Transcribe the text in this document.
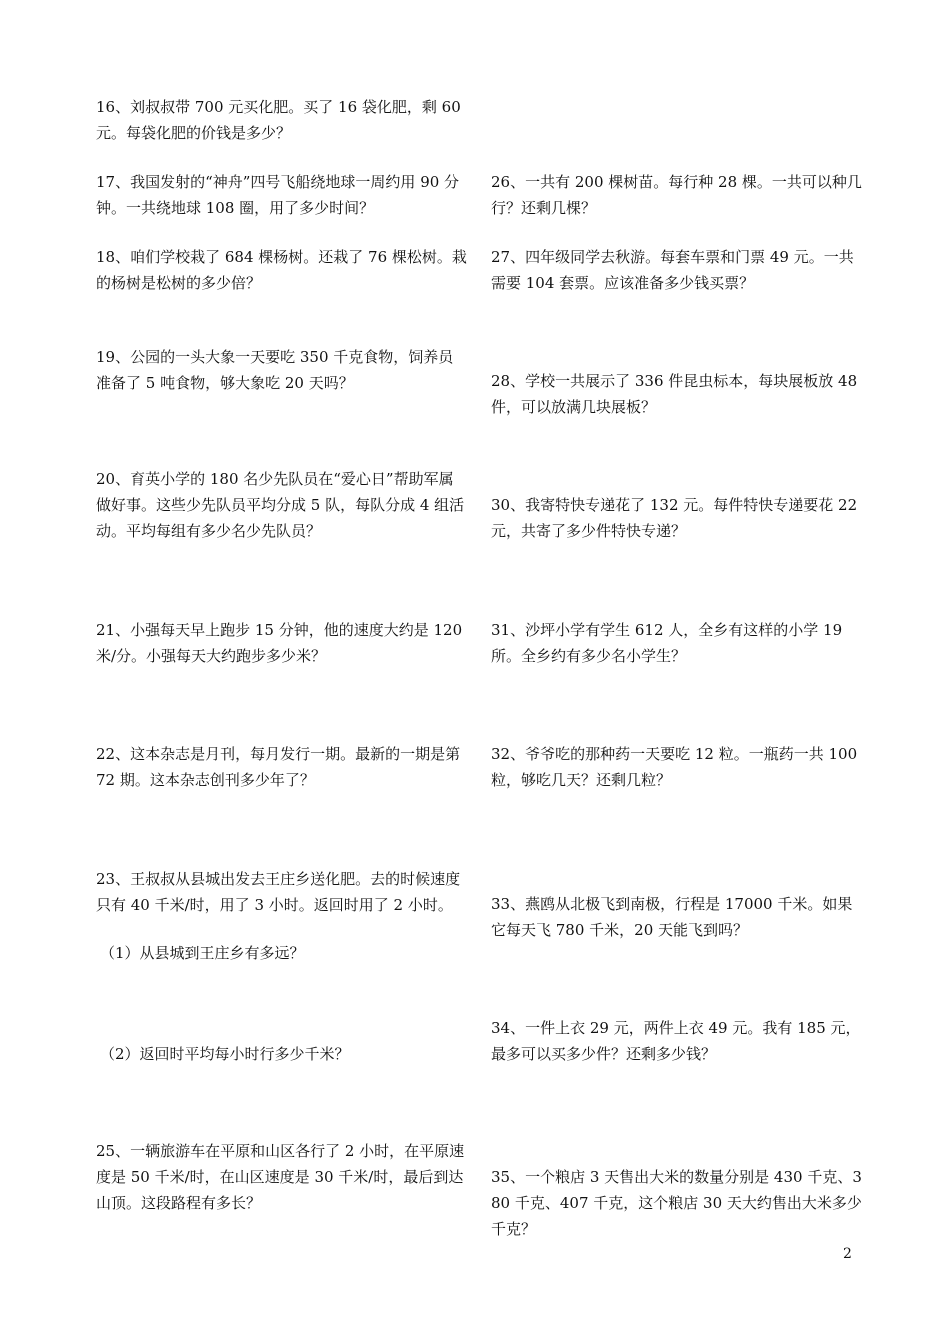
16、刘叔叔带 700 元买化肥。买了 16 袋化肥，剩 60 元。每袋化肥的价钱是多少？

17、我国发射的“神舟”四号飞船绕地球一周约用 90 分钟。一共绕地球 108 圈，用了多少时间？

18、咱们学校栽了 684 棵杨树。还栽了 76 棵松树。栽的杨树是松树的多少倍？

19、公园的一头大象一天要吃 350 千克食物，饲养员准备了 5 吨食物，够大象吃 20 天吗？

20、育英小学的 180 名少先队员在“爱心日”帮助军属做好事。这些少先队员平均分成 5 队，每队分成 4 组活动。平均每组有多少名少先队员？

21、小强每天早上跑步 15 分钟，他的速度大约是 120 米/分。小强每天大约跑步多少米？

22、这本杂志是月刊，每月发行一期。最新的一期是第 72 期。这本杂志创刊多少年了？

23、王叔叔从县城出发去王庄乡送化肥。去的时候速度只有 40 千米/时，用了 3 小时。返回时用了 2 小时。

（1）从县城到王庄乡有多远？

（2）返回时平均每小时行多少千米？

25、一辆旅游车在平原和山区各行了 2 小时，在平原速度是 50 千米/时，在山区速度是 30 千米/时，最后到达山顶。这段路程有多长？

26、一共有 200 棵树苗。每行种 28 棵。一共可以种几行？还剩几棵？

27、四年级同学去秋游。每套车票和门票 49 元。一共需要 104 套票。应该准备多少钱买票？

28、学校一共展示了 336 件昆虫标本，每块展板放 48 件，可以放满几块展板？

30、我寄特快专递花了 132 元。每件特快专递要花 22 元，共寄了多少件特快专递？

31、沙坪小学有学生 612 人，全乡有这样的小学 19 所。全乡约有多少名小学生？

32、爷爷吃的那种药一天要吃 12 粒。一瓶药一共 100 粒，够吃几天？还剩几粒？

33、燕鸥从北极飞到南极，行程是 17000 千米。如果它每天飞 780 千米，20 天能飞到吗？

34、一件上衣 29 元，两件上衣 49 元。我有 185 元，最多可以买多少件？还剩多少钱？

35、一个粮店 3 天售出大米的数量分别是 430 千克、380 千克、407 千克，这个粮店 30 天大约售出大米多少千克？

2
